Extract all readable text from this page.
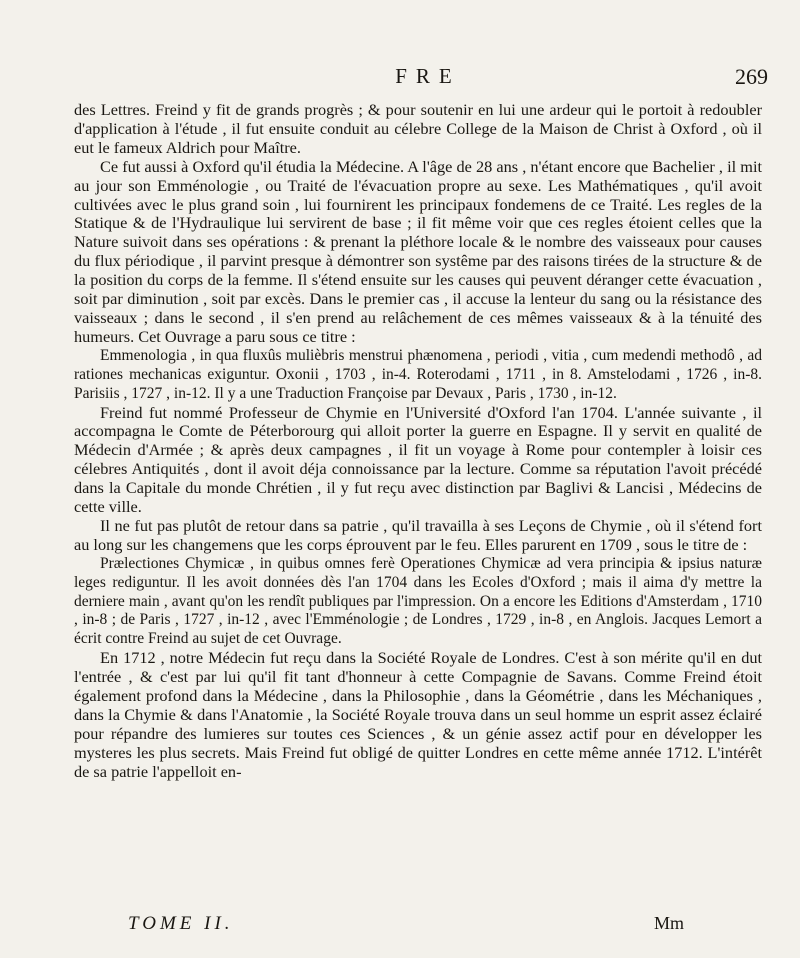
FRE	269

des Lettres. Freind y fit de grands progrès ; & pour soutenir en lui une ardeur qui le portoit à redoubler d'application à l'étude , il fut ensuite conduit au célebre College de la Maison de Christ à Oxford , où il eut le fameux Aldrich pour Maître.

Ce fut aussi à Oxford qu'il étudia la Médecine. A l'âge de 28 ans , n'étant encore que Bachelier , il mit au jour son Emménologie , ou Traité de l'évacuation propre au sexe. Les Mathématiques , qu'il avoit cultivées avec le plus grand soin , lui fournirent les principaux fondemens de ce Traité. Les regles de la Statique & de l'Hydraulique lui servirent de base ; il fit même voir que ces regles étoient celles que la Nature suivoit dans ses opérations : & prenant la pléthore locale & le nombre des vaisseaux pour causes du flux périodique , il parvint presque à démontrer son systême par des raisons tirées de la structure & de la position du corps de la femme. Il s'étend ensuite sur les causes qui peuvent déranger cette évacuation , soit par diminution , soit par excès. Dans le premier cas , il accuse la lenteur du sang ou la résistance des vaisseaux ; dans le second , il s'en prend au relâchement de ces mêmes vaisseaux & à la ténuité des humeurs. Cet Ouvrage a paru sous ce titre :

Emmenologia , in qua fluxûs mulièbris menstrui phænomena , periodi , vitia , cum medendi methodô , ad rationes mechanicas exiguntur. Oxonii , 1703 , in-4. Roterodami , 1711 , in 8. Amstelodami , 1726 , in-8. Parisiis , 1727 , in-12. Il y a une Traduction Françoise par Devaux , Paris , 1730 , in-12.

Freind fut nommé Professeur de Chymie en l'Université d'Oxford l'an 1704. L'année suivante , il accompagna le Comte de Péterborourg qui alloit porter la guerre en Espagne. Il y servit en qualité de Médecin d'Armée ; & après deux campagnes , il fit un voyage à Rome pour contempler à loisir ces célebres Antiquités , dont il avoit déja connoissance par la lecture. Comme sa réputation l'avoit précédé dans la Capitale du monde Chrétien , il y fut reçu avec distinction par Baglivi & Lancisi , Médecins de cette ville.

Il ne fut pas plutôt de retour dans sa patrie , qu'il travailla à ses Leçons de Chymie , où il s'étend fort au long sur les changemens que les corps éprouvent par le feu. Elles parurent en 1709 , sous le titre de :

Prælectiones Chymicæ , in quibus omnes ferè Operationes Chymicæ ad vera principia & ipsius naturæ leges rediguntur. Il les avoit données dès l'an 1704 dans les Ecoles d'Oxford ; mais il aima d'y mettre la derniere main , avant qu'on les rendît publiques par l'impression. On a encore les Editions d'Amsterdam , 1710 , in-8 ; de Paris , 1727 , in-12 , avec l'Emménologie ; de Londres , 1729 , in-8 , en Anglois. Jacques Lemort a écrit contre Freind au sujet de cet Ouvrage.

En 1712 , notre Médecin fut reçu dans la Société Royale de Londres. C'est à son mérite qu'il en dut l'entrée , & c'est par lui qu'il fit tant d'honneur à cette Compagnie de Savans. Comme Freind étoit également profond dans la Médecine , dans la Philosophie , dans la Géométrie , dans les Méchaniques , dans la Chymie & dans l'Anatomie , la Société Royale trouva dans un seul homme un esprit assez éclairé pour répandre des lumieres sur toutes ces Sciences , & un génie assez actif pour en développer les mysteres les plus secrets. Mais Freind fut obligé de quitter Londres en cette même année 1712. L'intérêt de sa patrie l'appelloit en-

TOME II.	Mm
